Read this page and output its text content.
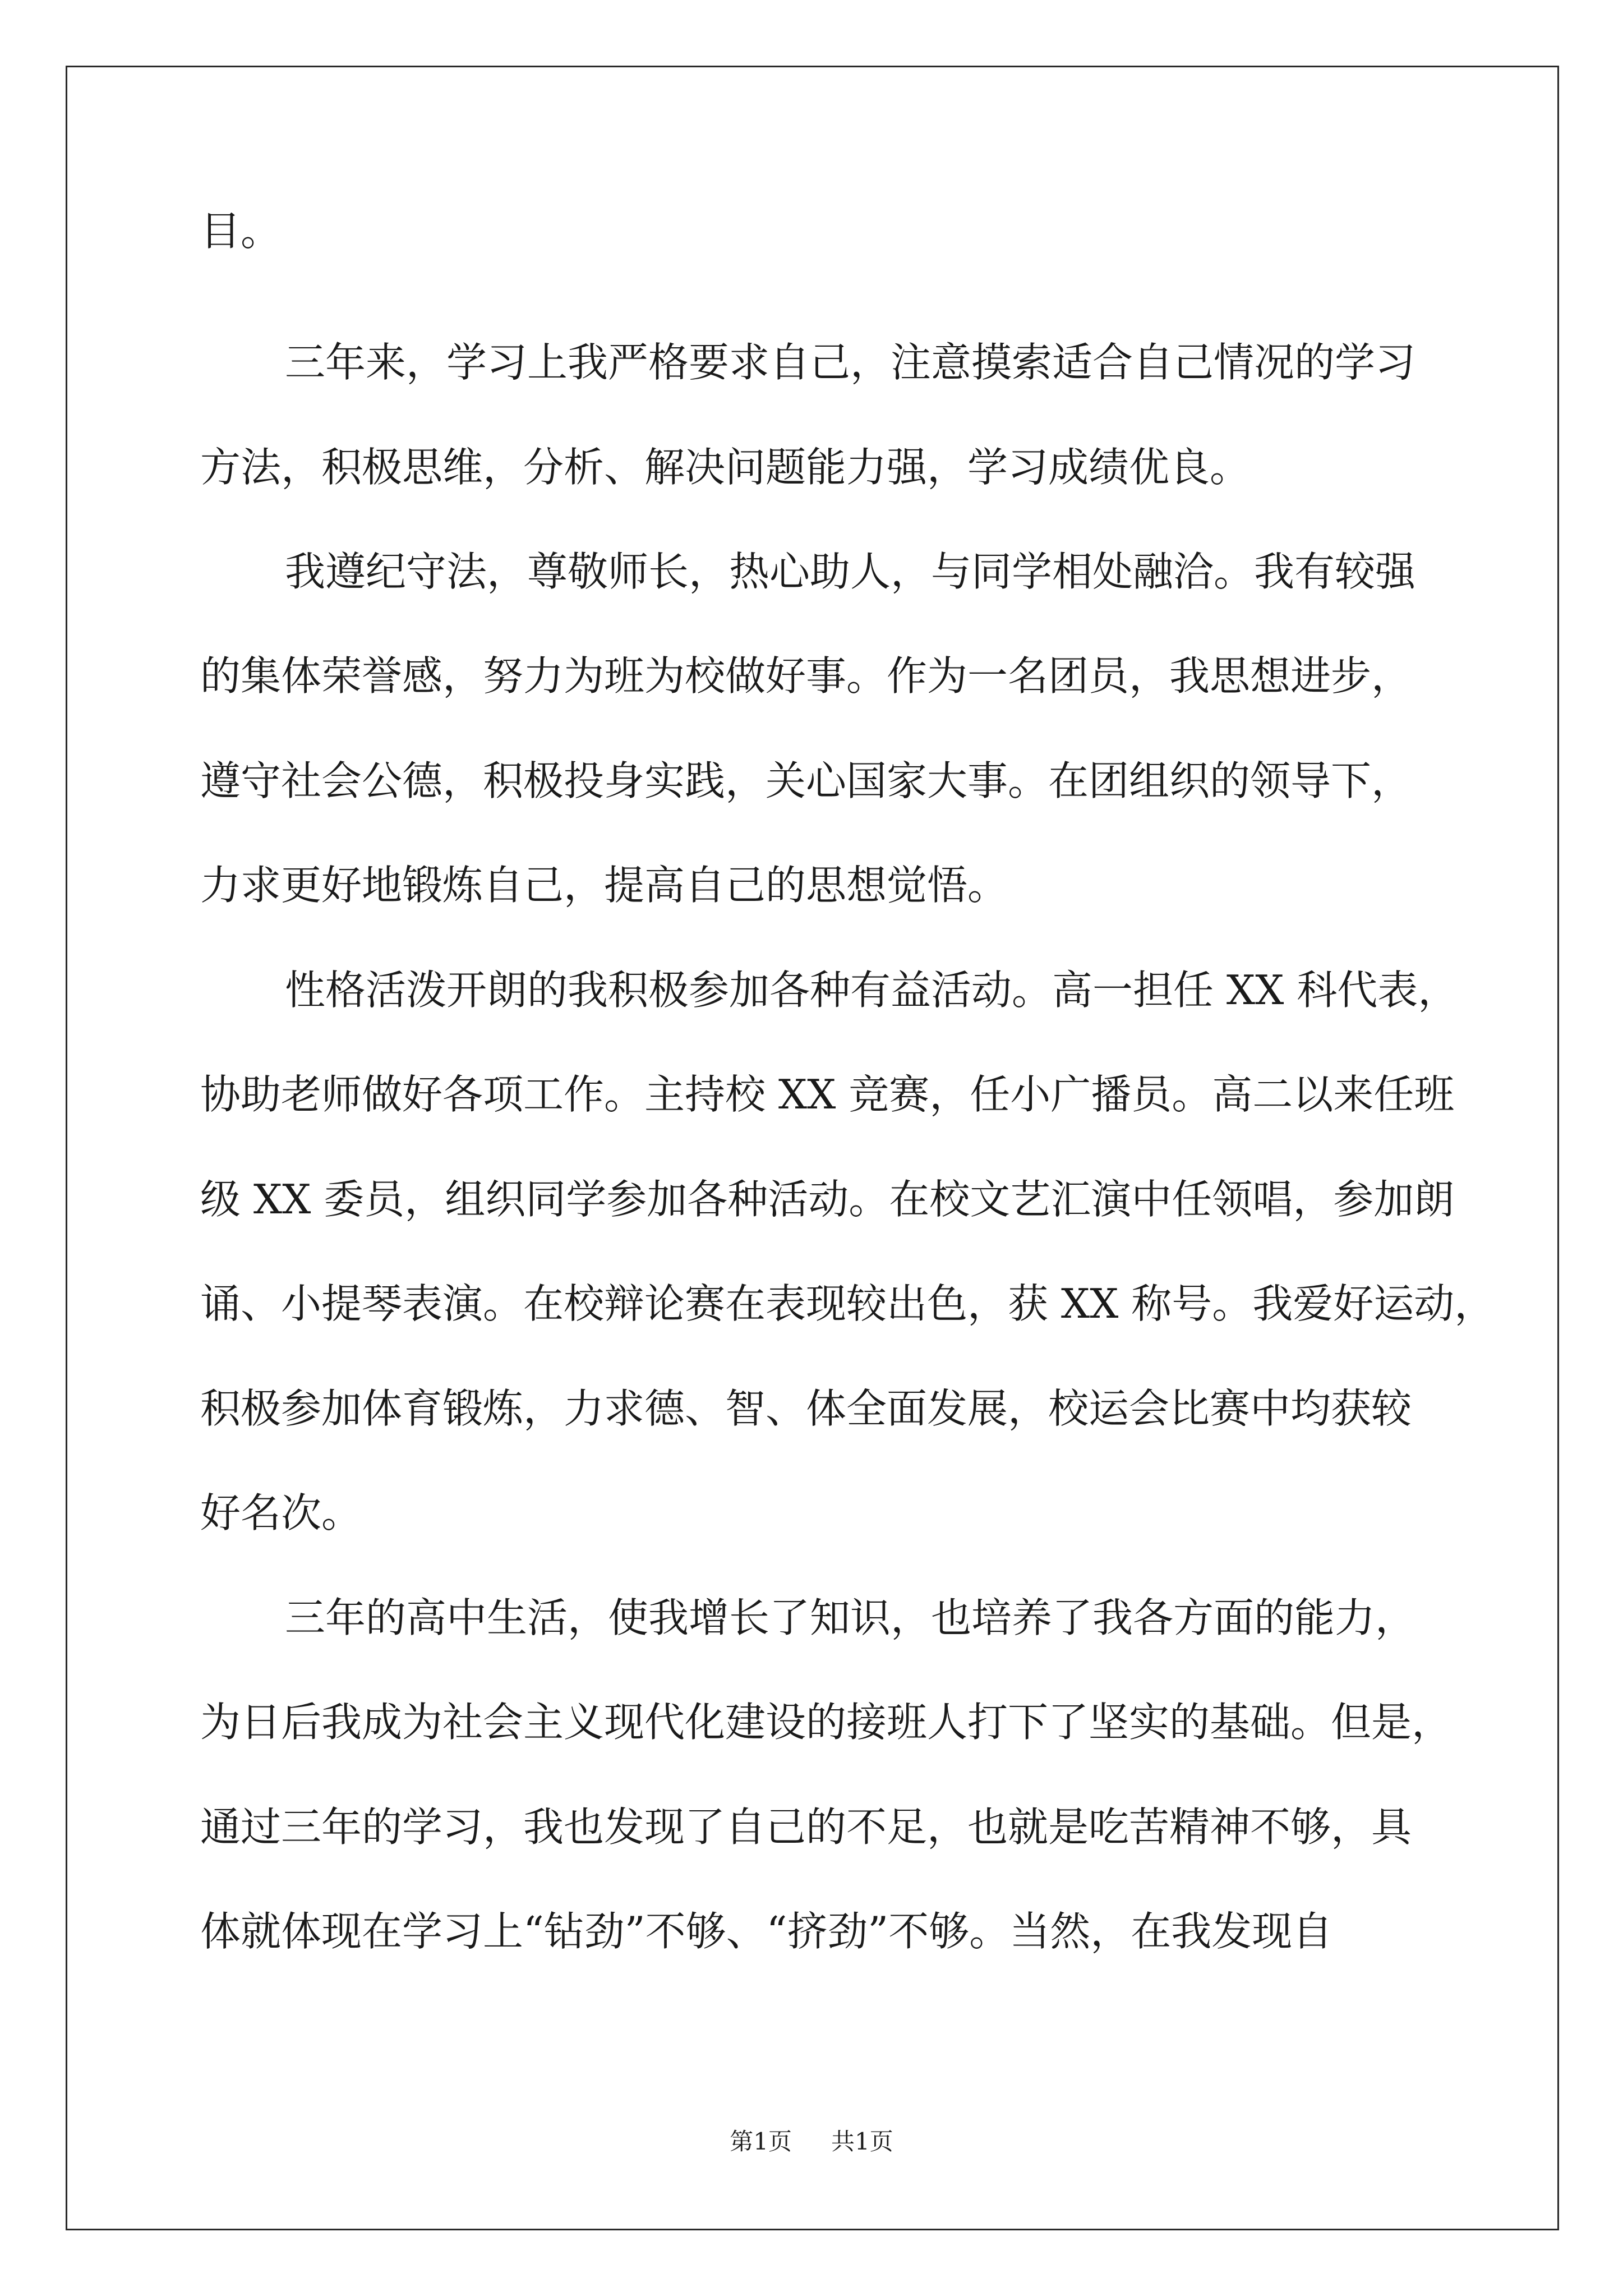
目。
三年来，学习上我严格要求自己，注意摸索适合自己情况的学习
方法，积极思维，分析、解决问题能力强，学习成绩优良。
我遵纪守法，尊敬师长，热心助人，与同学相处融洽。我有较强
的集体荣誉感，努力为班为校做好事。作为一名团员，我思想进步，
遵守社会公德，积极投身实践，关心国家大事。在团组织的领导下，
力求更好地锻炼自己，提高自己的思想觉悟。
性格活泼开朗的我积极参加各种有益活动。高一担任 XX 科代表，
协助老师做好各项工作。主持校 XX 竞赛，任小广播员。高二以来任班
级 XX 委员，组织同学参加各种活动。在校文艺汇演中任领唱，参加朗
诵、小提琴表演。在校辩论赛在表现较出色，获 XX 称号。我爱好运动，
积极参加体育锻炼，力求德、智、体全面发展，校运会比赛中均获较
好名次。
三年的高中生活，使我增长了知识，也培养了我各方面的能力，
为日后我成为社会主义现代化建设的接班人打下了坚实的基础。但是，
通过三年的学习，我也发现了自己的不足，也就是吃苦精神不够，具
体就体现在学习上“钻劲”不够、“挤劲”不够。当然，在我发现自
第1页 共1页
